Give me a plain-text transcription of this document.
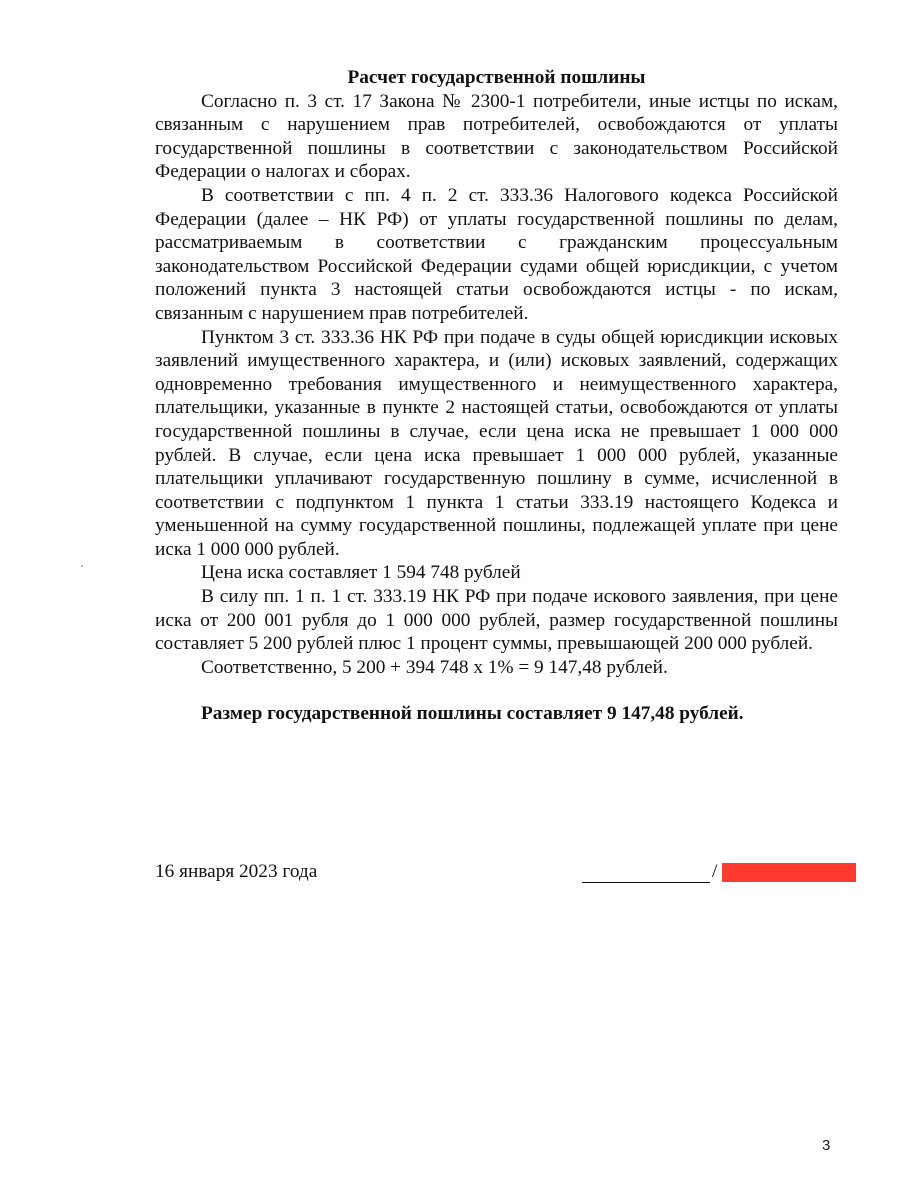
Расчет государственной пошлины

Согласно п. 3 ст. 17 Закона № 2300-1 потребители, иные истцы по искам, связанным с нарушением прав потребителей, освобождаются от уплаты государственной пошлины в соответствии с законодательством Российской Федерации о налогах и сборах.

В соответствии с пп. 4 п. 2 ст. 333.36 Налогового кодекса Российской Федерации (далее – НК РФ) от уплаты государственной пошлины по делам, рассматриваемым в соответствии с гражданским процессуальным законодательством Российской Федерации судами общей юрисдикции, с учетом положений пункта 3 настоящей статьи освобождаются истцы - по искам, связанным с нарушением прав потребителей.

Пунктом 3 ст. 333.36 НК РФ при подаче в суды общей юрисдикции исковых заявлений имущественного характера, и (или) исковых заявлений, содержащих одновременно требования имущественного и неимущественного характера, плательщики, указанные в пункте 2 настоящей статьи, освобождаются от уплаты государственной пошлины в случае, если цена иска не превышает 1 000 000 рублей. В случае, если цена иска превышает 1 000 000 рублей, указанные плательщики уплачивают государственную пошлину в сумме, исчисленной в соответствии с подпунктом 1 пункта 1 статьи 333.19 настоящего Кодекса и уменьшенной на сумму государственной пошлины, подлежащей уплате при цене иска 1 000 000 рублей.

Цена иска составляет 1 594 748 рублей

В силу пп. 1 п. 1 ст. 333.19 НК РФ при подаче искового заявления, при цене иска от 200 001 рубля до 1 000 000 рублей, размер государственной пошлины составляет 5 200 рублей плюс 1 процент суммы, превышающей 200 000 рублей.

Соответственно, 5 200 + 394 748 х 1% = 9 147,48 рублей.

Размер государственной пошлины составляет 9 147,48 рублей.

16 января 2023 года	/
3
